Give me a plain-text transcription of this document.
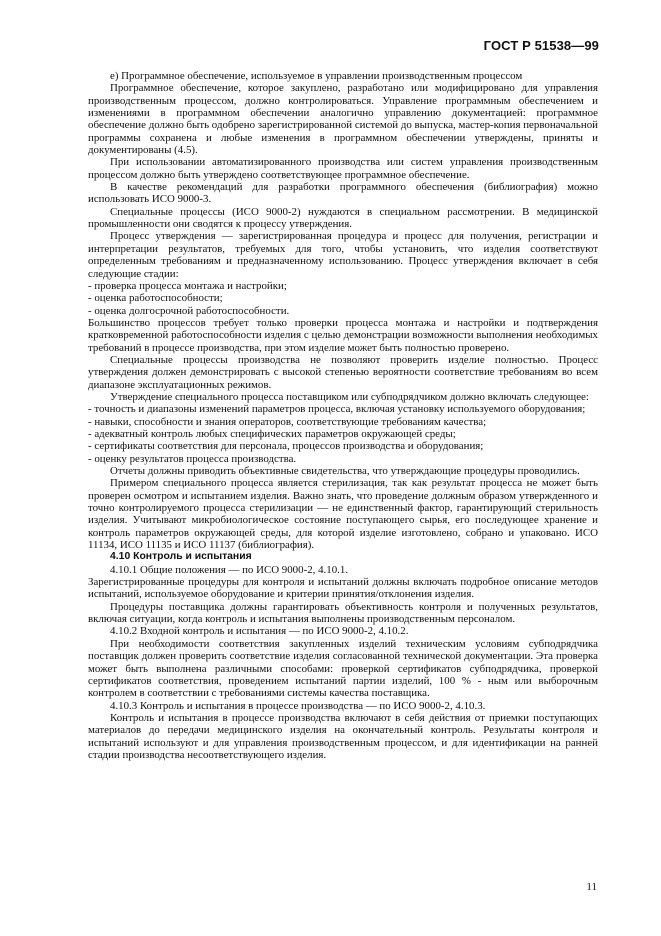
ГОСТ Р 51538—99

е) Программное обеспечение, используемое в управлении производственным процессом

Программное обеспечение, которое закуплено, разработано или модифицировано для управления производственным процессом, должно контролироваться. Управление программным обеспечением и изменениями в программном обеспечении аналогично управлению документацией: программное обеспечение должно быть одобрено зарегистрированной системой до выпуска, мастер-копия первоначальной программы сохранена и любые изменения в программном обеспечении утверждены, приняты и документированы (4.5).

При использовании автоматизированного производства или систем управления производственным процессом должно быть утверждено соответствующее программное обеспечение.

В качестве рекомендаций для разработки программного обеспечения (библиография) можно использовать ИСО 9000-3.

Специальные процессы (ИСО 9000-2) нуждаются в специальном рассмотрении. В медицинской промышленности они сводятся к процессу утверждения.

Процесс утверждения — зарегистрированная процедура и процесс для получения, регистрации и интерпретации результатов, требуемых для того, чтобы установить, что изделия соответствуют определенным требованиям и предназначенному использованию. Процесс утверждения включает в себя следующие стадии:

- проверка процесса монтажа и настройки;

- оценка работоспособности;

- оценка долгосрочной работоспособности.

Большинство процессов требует только проверки процесса монтажа и настройки и подтверждения кратковременной работоспособности изделия с целью демонстрации возможности выполнения необходимых требований в процессе производства, при этом изделие может быть полностью проверено.

Специальные процессы производства не позволяют проверить изделие полностью. Процесс утверждения должен демонстрировать с высокой степенью вероятности соответствие требованиям во всем диапазоне эксплуатационных режимов.

Утверждение специального процесса поставщиком или субподрядчиком должно включать следующее:

- точность и диапазоны изменений параметров процесса, включая установку используемого оборудования;

- навыки, способности и знания операторов, соответствующие требованиям качества;

- адекватный контроль любых специфических параметров окружающей среды;

- сертификаты соответствия для персонала, процессов производства и оборудования;

- оценку результатов процесса производства.

Отчеты должны приводить объективные свидетельства, что утверждающие процедуры проводились.

Примером специального процесса является стерилизация, так как результат процесса не может быть проверен осмотром и испытанием изделия. Важно знать, что проведение должным образом утвержденного и точно контролируемого процесса стерилизации — не единственный фактор, гарантирующий стерильность изделия. Учитывают микробиологическое состояние поступающего сырья, его последующее хранение и контроль параметров окружающей среды, для которой изделие изготовлено, собрано и упаковано. ИСО 11134, ИСО 11135 и ИСО 11137 (библиография).

4.10 Контроль и испытания

4.10.1 Общие положения — по ИСО 9000-2, 4.10.1.

Зарегистрированные процедуры для контроля и испытаний должны включать подробное описание методов испытаний, используемое оборудование и критерии принятия/отклонения изделия.

Процедуры поставщика должны гарантировать объективность контроля и полученных результатов, включая ситуации, когда контроль и испытания выполнены производственным персоналом.

4.10.2 Входной контроль и испытания — по ИСО 9000-2, 4.10.2.

При необходимости соответствия закупленных изделий техническим условиям субподрядчика поставщик должен проверить соответствие изделия согласованной технической документации. Эта проверка может быть выполнена различными способами: проверкой сертификатов субподрядчика, проверкой сертификатов соответствия, проведением испытаний партии изделий, 100 % - ным или выборочным контролем в соответствии с требованиями системы качества поставщика.

4.10.3 Контроль и испытания в процессе производства — по ИСО 9000-2, 4.10.3.

Контроль и испытания в процессе производства включают в себя действия от приемки поступающих материалов до передачи медицинского изделия на окончательный контроль. Результаты контроля и испытаний используют и для управления производственным процессом, и для идентификации на ранней стадии производства несоответствующего изделия.

11
